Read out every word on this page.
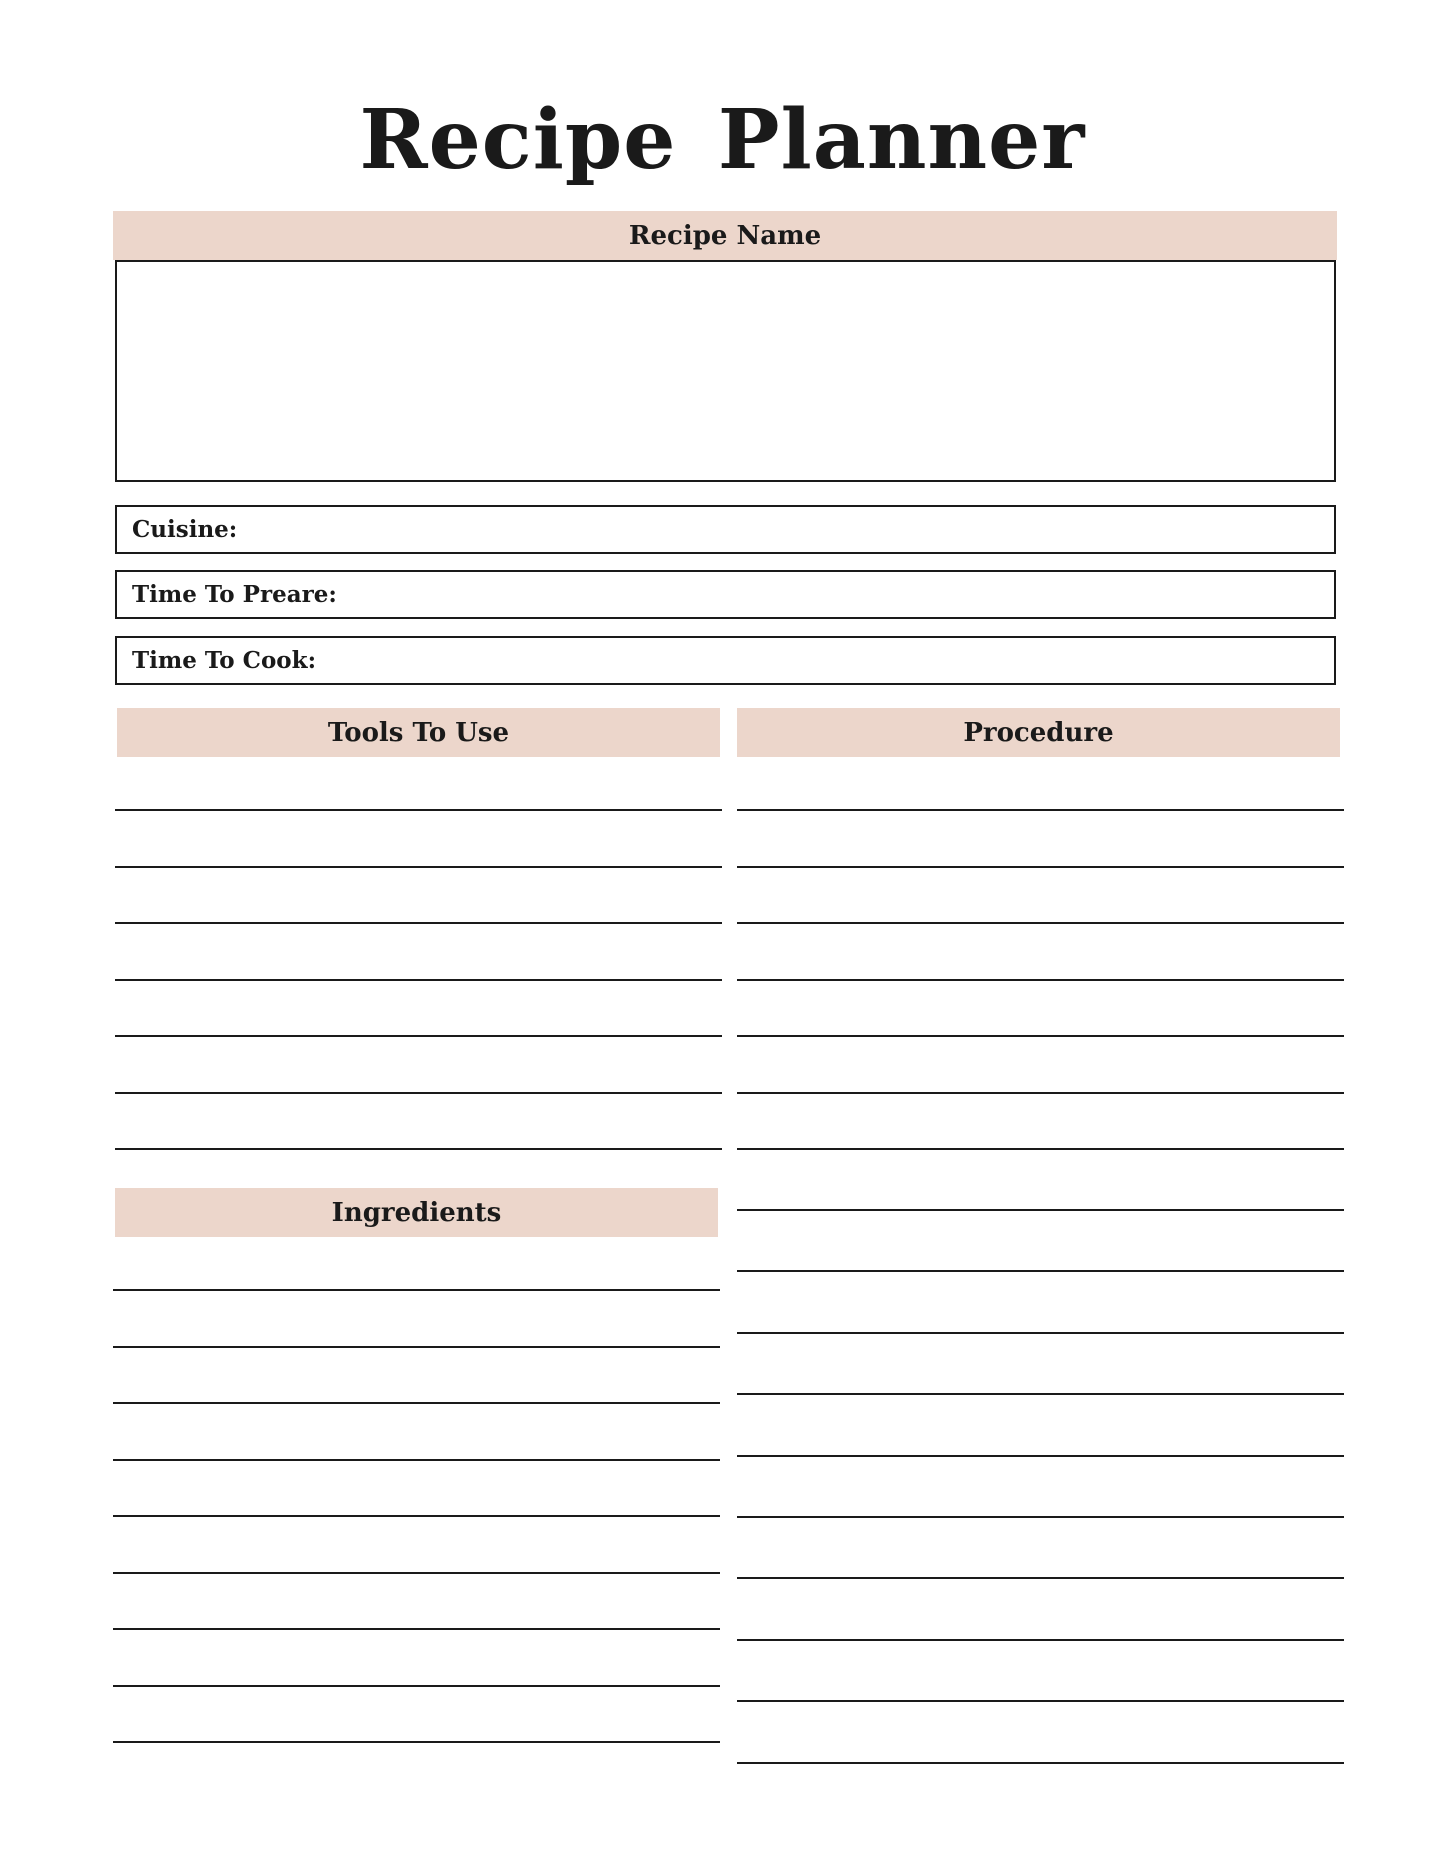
Recipe Planner
Recipe Name
Cuisine:
Time To Preare:
Time To Cook:
Tools To Use	Procedure
Ingredients
